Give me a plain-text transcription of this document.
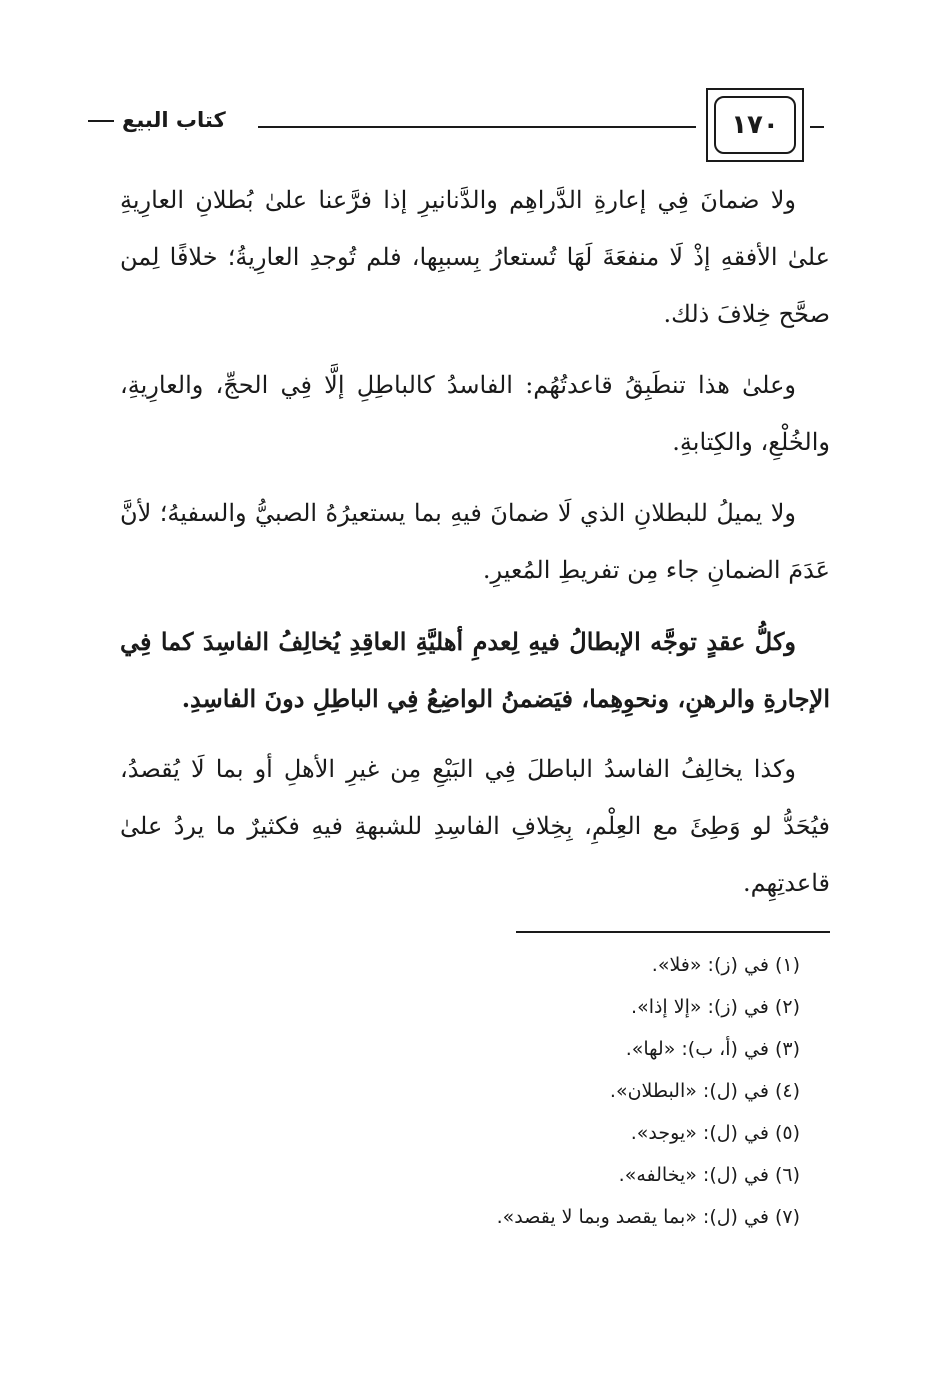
كتاب البيع	١٧٠

ولا ضمانَ فِي إعارةِ الدَّراهِم والدَّنانيرِ إذا فرَّعنا علىٰ بُطلانِ العارِيةِ علىٰ الأفقهِ إذْ لَا منفعَةَ لَهَا تُستعارُ بِسببِها، فلم تُوجدِ العارِيةُ؛ خلافًا لِمن صحَّح خِلافَ ذلك.

وعلىٰ هذا تنطَبِقُ قاعدتُهُم: الفاسدُ كالباطِلِ إلَّا فِي الحجِّ، والعارِيةِ، والخُلْعِ، والكِتابةِ.

ولا يميلُ للبطلانِ الذي لَا ضمانَ فيهِ بما يستعيرُهُ الصبيُّ والسفيهُ؛ لأنَّ عَدَمَ الضمانِ جاء مِن تفريطِ المُعيرِ.

وكلُّ عقدٍ توجَّه الإبطالُ فيهِ لِعدمِ أهليَّةِ العاقِدِ يُخالِفُ الفاسِدَ كما فِي الإجارةِ والرهنِ، ونحوِهِما، فيَضمنُ الواضِعُ فِي الباطِلِ دونَ الفاسِدِ.

وكذا يخالِفُ الفاسدُ الباطلَ فِي البَيْعِ مِن غيرِ الأهلِ أو بما لَا يُقصدُ، فيُحَدُّ لو وَطِئَ مع العِلْمِ، بِخِلافِ الفاسِدِ للشبهةِ فيهِ فكثيرٌ ما يردُ علىٰ قاعدتِهِم.

(١) في (ز): «فلا».
(٢) في (ز): «إلا إذا».
(٣) في (أ، ب): «لها».
(٤) في (ل): «البطلان».
(٥) في (ل): «يوجد».
(٦) في (ل): «يخالفه».
(٧) في (ل): «بما يقصد وبما لا يقصد».
